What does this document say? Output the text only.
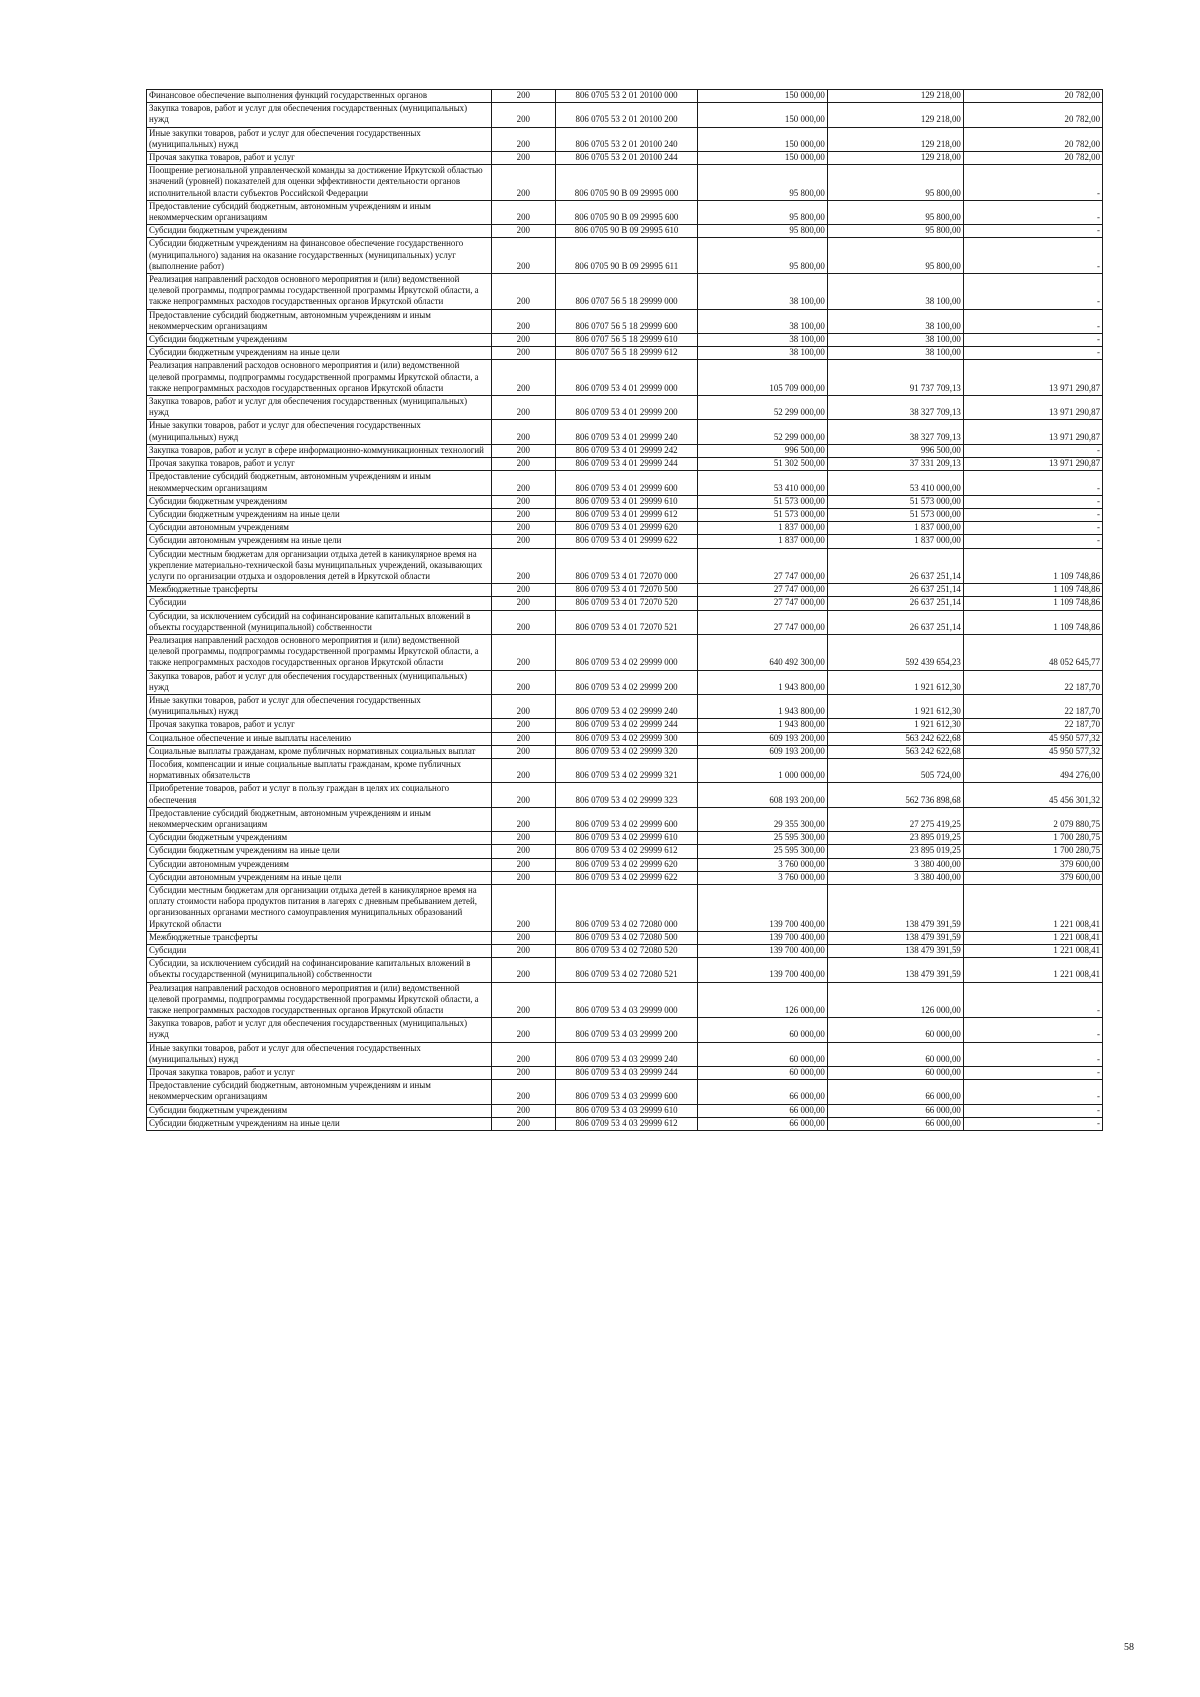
Финансовое обеспечение выполнения функций государственных органов	200	806 0705 53 2 01 20100 000	150 000,00	129 218,00	20 782,00
Закупка товаров, работ и услуг для обеспечения государственных (муниципальных) нужд	200	806 0705 53 2 01 20100 200	150 000,00	129 218,00	20 782,00
Иные закупки товаров, работ и услуг для обеспечения государственных (муниципальных) нужд	200	806 0705 53 2 01 20100 240	150 000,00	129 218,00	20 782,00
Прочая закупка товаров, работ и услуг	200	806 0705 53 2 01 20100 244	150 000,00	129 218,00	20 782,00
Поощрение региональной управленческой команды за достижение Иркутской областью значений (уровней) показателей для оценки эффективности деятельности органов исполнительной власти субъектов Российской Федерации	200	806 0705 90 В 09 29995 000	95 800,00	95 800,00	-
Предоставление субсидий бюджетным, автономным учреждениям и иным некоммерческим организациям	200	806 0705 90 В 09 29995 600	95 800,00	95 800,00	-
Субсидии бюджетным учреждениям	200	806 0705 90 В 09 29995 610	95 800,00	95 800,00	-
Субсидии бюджетным учреждениям на финансовое обеспечение государственного (муниципального) задания на оказание государственных (муниципальных) услуг (выполнение работ)	200	806 0705 90 В 09 29995 611	95 800,00	95 800,00	-
Реализация направлений расходов основного мероприятия и (или) ведомственной целевой программы, подпрограммы государственной программы Иркутской области, а также непрограммных расходов государственных органов Иркутской области	200	806 0707 56 5 18 29999 000	38 100,00	38 100,00	-
Предоставление субсидий бюджетным, автономным учреждениям и иным некоммерческим организациям	200	806 0707 56 5 18 29999 600	38 100,00	38 100,00	-
Субсидии бюджетным учреждениям	200	806 0707 56 5 18 29999 610	38 100,00	38 100,00	-
Субсидии бюджетным учреждениям на иные цели	200	806 0707 56 5 18 29999 612	38 100,00	38 100,00	-
Реализация направлений расходов основного мероприятия и (или) ведомственной целевой программы, подпрограммы государственной программы Иркутской области, а также непрограммных расходов государственных органов Иркутской области	200	806 0709 53 4 01 29999 000	105 709 000,00	91 737 709,13	13 971 290,87
Закупка товаров, работ и услуг для обеспечения государственных (муниципальных) нужд	200	806 0709 53 4 01 29999 200	52 299 000,00	38 327 709,13	13 971 290,87
Иные закупки товаров, работ и услуг для обеспечения государственных (муниципальных) нужд	200	806 0709 53 4 01 29999 240	52 299 000,00	38 327 709,13	13 971 290,87
Закупка товаров, работ и услуг в сфере информационно-коммуникационных технологий	200	806 0709 53 4 01 29999 242	996 500,00	996 500,00	-
Прочая закупка товаров, работ и услуг	200	806 0709 53 4 01 29999 244	51 302 500,00	37 331 209,13	13 971 290,87
Предоставление субсидий бюджетным, автономным учреждениям и иным некоммерческим организациям	200	806 0709 53 4 01 29999 600	53 410 000,00	53 410 000,00	-
Субсидии бюджетным учреждениям	200	806 0709 53 4 01 29999 610	51 573 000,00	51 573 000,00	-
Субсидии бюджетным учреждениям на иные цели	200	806 0709 53 4 01 29999 612	51 573 000,00	51 573 000,00	-
Субсидии автономным учреждениям	200	806 0709 53 4 01 29999 620	1 837 000,00	1 837 000,00	-
Субсидии автономным учреждениям на иные цели	200	806 0709 53 4 01 29999 622	1 837 000,00	1 837 000,00	-
Субсидии местным бюджетам для организации отдыха детей в каникулярное время на укрепление материально-технической базы муниципальных учреждений, оказывающих услуги по организации отдыха и оздоровления детей в Иркутской области	200	806 0709 53 4 01 72070 000	27 747 000,00	26 637 251,14	1 109 748,86
Межбюджетные трансферты	200	806 0709 53 4 01 72070 500	27 747 000,00	26 637 251,14	1 109 748,86
Субсидии	200	806 0709 53 4 01 72070 520	27 747 000,00	26 637 251,14	1 109 748,86
Субсидии, за исключением субсидий на софинансирование капитальных вложений в объекты государственной (муниципальной) собственности	200	806 0709 53 4 01 72070 521	27 747 000,00	26 637 251,14	1 109 748,86
Реализация направлений расходов основного мероприятия и (или) ведомственной целевой программы, подпрограммы государственной программы Иркутской области, а также непрограммных расходов государственных органов Иркутской области	200	806 0709 53 4 02 29999 000	640 492 300,00	592 439 654,23	48 052 645,77
Закупка товаров, работ и услуг для обеспечения государственных (муниципальных) нужд	200	806 0709 53 4 02 29999 200	1 943 800,00	1 921 612,30	22 187,70
Иные закупки товаров, работ и услуг для обеспечения государственных (муниципальных) нужд	200	806 0709 53 4 02 29999 240	1 943 800,00	1 921 612,30	22 187,70
Прочая закупка товаров, работ и услуг	200	806 0709 53 4 02 29999 244	1 943 800,00	1 921 612,30	22 187,70
Социальное обеспечение и иные выплаты населению	200	806 0709 53 4 02 29999 300	609 193 200,00	563 242 622,68	45 950 577,32
Социальные выплаты гражданам, кроме публичных нормативных социальных выплат	200	806 0709 53 4 02 29999 320	609 193 200,00	563 242 622,68	45 950 577,32
Пособия, компенсации и иные социальные выплаты гражданам, кроме публичных нормативных обязательств	200	806 0709 53 4 02 29999 321	1 000 000,00	505 724,00	494 276,00
Приобретение товаров, работ и услуг в пользу граждан в целях их социального обеспечения	200	806 0709 53 4 02 29999 323	608 193 200,00	562 736 898,68	45 456 301,32
Предоставление субсидий бюджетным, автономным учреждениям и иным некоммерческим организациям	200	806 0709 53 4 02 29999 600	29 355 300,00	27 275 419,25	2 079 880,75
Субсидии бюджетным учреждениям	200	806 0709 53 4 02 29999 610	25 595 300,00	23 895 019,25	1 700 280,75
Субсидии бюджетным учреждениям на иные цели	200	806 0709 53 4 02 29999 612	25 595 300,00	23 895 019,25	1 700 280,75
Субсидии автономным учреждениям	200	806 0709 53 4 02 29999 620	3 760 000,00	3 380 400,00	379 600,00
Субсидии автономным учреждениям на иные цели	200	806 0709 53 4 02 29999 622	3 760 000,00	3 380 400,00	379 600,00
Субсидии местным бюджетам для организации отдыха детей в каникулярное время на оплату стоимости набора продуктов питания в лагерях с дневным пребыванием детей, организованных органами местного самоуправления муниципальных образований Иркутской области	200	806 0709 53 4 02 72080 000	139 700 400,00	138 479 391,59	1 221 008,41
Межбюджетные трансферты	200	806 0709 53 4 02 72080 500	139 700 400,00	138 479 391,59	1 221 008,41
Субсидии	200	806 0709 53 4 02 72080 520	139 700 400,00	138 479 391,59	1 221 008,41
Субсидии, за исключением субсидий на софинансирование капитальных вложений в объекты государственной (муниципальной) собственности	200	806 0709 53 4 02 72080 521	139 700 400,00	138 479 391,59	1 221 008,41
Реализация направлений расходов основного мероприятия и (или) ведомственной целевой программы, подпрограммы государственной программы Иркутской области, а также непрограммных расходов государственных органов Иркутской области	200	806 0709 53 4 03 29999 000	126 000,00	126 000,00	-
Закупка товаров, работ и услуг для обеспечения государственных (муниципальных) нужд	200	806 0709 53 4 03 29999 200	60 000,00	60 000,00	-
Иные закупки товаров, работ и услуг для обеспечения государственных (муниципальных) нужд	200	806 0709 53 4 03 29999 240	60 000,00	60 000,00	-
Прочая закупка товаров, работ и услуг	200	806 0709 53 4 03 29999 244	60 000,00	60 000,00	-
Предоставление субсидий бюджетным, автономным учреждениям и иным некоммерческим организациям	200	806 0709 53 4 03 29999 600	66 000,00	66 000,00	-
Субсидии бюджетным учреждениям	200	806 0709 53 4 03 29999 610	66 000,00	66 000,00	-
Субсидии бюджетным учреждениям на иные цели	200	806 0709 53 4 03 29999 612	66 000,00	66 000,00	-
58
